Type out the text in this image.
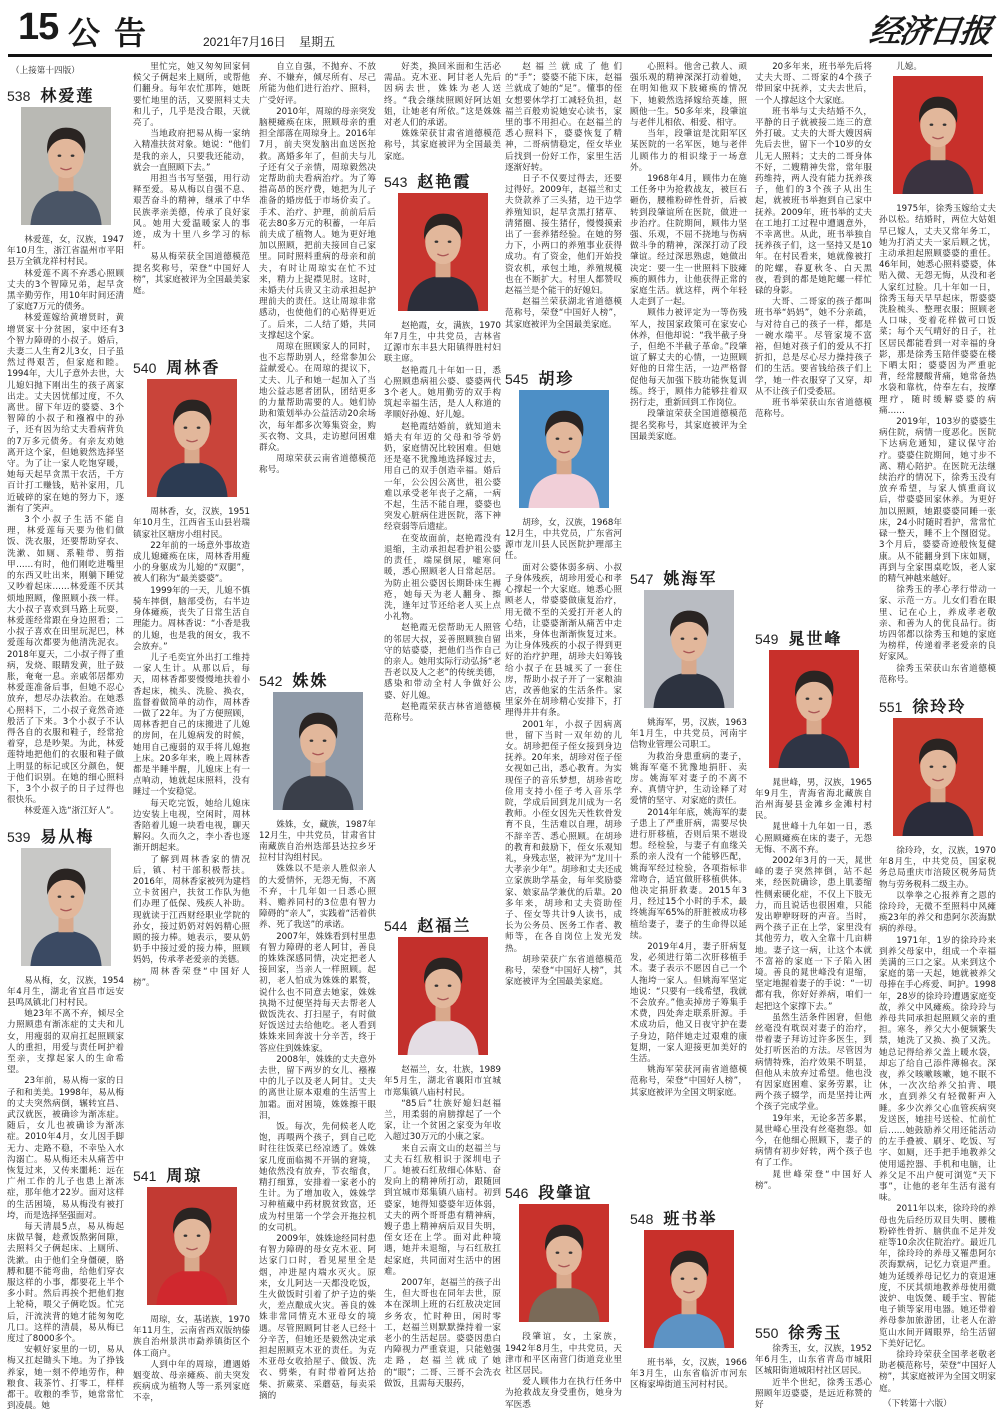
15 公告	2021年7月16日 星期五	经济日报

（上接第十四版）

538 林爱莲

林爱莲，女，汉族，1947年10月生，浙江省温州市平阳县万全镇龙祥村村民。

林爱莲不离不弃悉心照顾丈夫的3个智障兄弟，起早贪黑辛勤劳作，用10年时间还清了家庭7万元的债务。

林爱莲嫁给黄增贤时，黄增贤家十分贫困，家中还有3个智力障碍的小叔子。婚后，夫妻二人生育2儿3女，日子虽然过得艰苦，但家庭和睦。1994年，大儿子意外去世，大儿媳妇抛下刚出生的孩子离家出走。丈夫因忧郁过度，不久离世。留下年迈的婆婆、3个智障的小叔子和襁褓中的孙子，还有因为给丈夫看病背负的7万多元债务。有亲友劝她离开这个家，但她毅然选择坚守。为了让一家人吃饱穿暖，她每天起早贪黑干农活，千方百计打工赚钱，贴补家用，几近破碎的家在她的努力下，逐渐有了笑声。

3个小叔子生活不能自理，林爱莲每天要为他们做饭、洗衣服，还要帮助穿衣、洗漱、如厕、系鞋带、剪指甲……有时，他们刚吃进嘴里的东西又吐出来，刚躺下睡觉又吵着起床……林爱莲不厌其烦地照顾，像照顾小孩一样。大小叔子喜欢到马路上玩耍，林爱莲经常跟在身边照看；二小叔子喜欢在田里玩泥巴，林爱莲每次都要为他清洗泥衣。2018年夏天，二小叔子得了重病，发烧、眼睛发黄，肚子鼓胀，奄奄一息。亲戚邻居都劝林爱莲准备后事，但她不忍心放弃，想尽办法救治。在她悉心照料下，二小叔子竟然奇迹般活了下来。3个小叔子不认得各自的衣服和鞋子，经常抢着穿，总是吵架。为此，林爱莲特地把他们的衣服和鞋子做上明显的标记或区分颜色，便于他们识别。在她的细心照料下，3个小叔子的日子过得也很快乐。

林爱莲入选“浙江好人”。

539 易从梅

易从梅，女，汉族，1954年4月生，湖北省宜昌市远安县鸣凤镇北门村村民。

她23年不离不弃，倾尽全力照顾患有渐冻症的丈夫和儿女，用瘦弱的双肩扛起照顾家人的重担，用爱与责任呵护着至亲，支撑起家人的生命希望。

23年前，易从梅一家的日子和和美美。1998年，易从梅的丈夫突然病倒，辗转宜昌、武汉就医，被确诊为渐冻症。随后，女儿也被确诊为渐冻症。2010年4月，女儿因手脚无力、走路不稳，不幸坠入水沟溺亡。易从梅还未从痛苦中恢复过来，又传来噩耗：远在广州工作的儿子也患上渐冻症，那年他才22岁。面对这样的生活困境，易从梅没有被打垮，而是选择坚强面对。

每天清晨5点，易从梅起床做早餐，趁煮饭熬粥间隙，去照料父子俩起床、上厕所、洗漱。由于他们全身僵硬，胳膊和腿不能弯曲，给他们穿衣服这样的小事，都要花上半个多小时。然后再挨个把他们抱上轮椅，喂父子俩吃饭。忙完后，汗流浃背的她才能匆匆吃几口。这样的清晨，易从梅已度过了8000多个。

安顿好家里的一切，易从梅又扛起锄头下地。为了挣钱养家，她一刻不停地劳作，种粮食、栽茶竹、打零工，样样都干。收粮的季节，她常常忙到凌晨。她

里忙完，她又匆匆回家伺候父子俩起来上厕所，或帮他们翻身。每年农忙那阵，她既要忙地里的活，又要照料丈夫和儿子，几乎是没合眼，天就亮了。

当地政府把易从梅一家纳入精准扶贫对象。她说：“他们是我的亲人，只要我还能动，就会一直照顾下去。”

用担当书写坚强，用行动释至爱。易从梅以自强不息、艰苦奋斗的精神，继承了中华民族孝亲美德，传承了良好家风。她用大爱温暖家人的事迹，成为十里八乡学习的标杆。

易从梅荣获全国道德模范提名奖称号，荣登“中国好人榜”，其家庭被评为全国最美家庭。

540 周林香

周林香，女，汉族，1951年10月生，江西省玉山县岩瑞镇家社区塘房小组村民。

22年前的一场意外事故造成儿媳瘫痪在床，周林香用瘦小的身躯成为儿媳的“双腿”，被人们称为“最美婆婆”。

1999年的一天，儿媳不慎骑车摔倒，脑部受伤，右半边身体瘫痪，丧失了日常生活自理能力。周林香说：“小香是我的儿媳，也是我的闺女，我不会放弃。”

儿子毛奕宜外出打工维持一家人生计。从那以后，每天，周林香都要慢慢地扶着小香起床，梳头、洗脸、换衣，监督着做简单的动作，周林香一做了22年。为了方便照顾，周林香把自己的床搬进了儿媳的房间，在儿媳病发的时候，她用自己瘦弱的双手将儿媳抱上床。20多年来，晚上周林香都是半睡半醒，儿媳床上有一点响动，她就起床照料，没有睡过一个安稳觉。

每天吃完饭，她给儿媳床边安装上电视，空闲时，周林香陪着儿媳一块看电视，聊天解闷。久而久之，李小香也逐渐开朗起来。

了解到周林香家的情况后，镇、村干部积极帮扶。2016年，周林香家被列为建档立卡贫困户，扶贫工作队为他们办理了低保、残疾人补助。现就读于江西财经职业学院的孙女，接过奶奶对妈妈精心照顾的接力棒。她表示，要从奶奶手中接过爱的接力棒，照顾妈妈，传承孝老爱亲的美德。

周林香荣登“中国好人榜”。

541 周琼

周琼，女，基诺族，1970年11月生，云南省西双版纳傣族自治州景洪市勐养镇街区个体工商户。

人到中年的周琼，遭遇婚姻变故、母亲瘫痪、前夫突发疾病成为植物人等一系列家庭不幸，

自立自强，不抛弃、不放弃、不嫌弃，倾尽所有、尽己所能为他们进行治疗、照料，广受好评。

2010年，周琼的母亲突发脑梗瘫痪在床，照顾母亲的重担全部落在周琼身上。2016年7月，前夫突发脑出血送医抢救。离婚多年了，但前夫与儿子还有父子亲情，周琼毅然决定帮助前夫看病治疗。为了筹措高昂的医疗费，她把为儿子准备的婚房低于市场价卖了。手术、治疗、护理，前前后后花去80多万元的积蓄，一年后前夫成了植物人。她为更好地加以照顾，把前夫接回自己家里。同时照料重病的母亲和前夫，有时让周琼实在忙不过来，精力上捉襟见肘。这时，未婚夫付兵贵又主动承担起护理前夫的责任。这让周琼非常感动，也使他们的心贴得更近了。后来，二人结了婚，共同支撑起这个家。

周琼在照顾家人的同时，也不忘帮助别人，经常参加公益献爱心。在周琼的提议下，丈夫、儿子和她一起加入了当地公益志愿者团队，团结更多的力量帮助需要的人。她们协助和策划举办公益活动20余场次，每年都多次筹集资金，购买衣物、文具，走访慰问困难群众。

周琼荣获云南省道德模范称号。

542 姝姝

姝姝，女，藏族，1987年12月生，中共党员，甘肃省甘南藏族自治州迭部县达拉乡牙拉村甘沟组村民。

姝姝以不是亲人胜似亲人的大爱情怀，无怨无悔，不离不弃，十几年如一日悉心照料、赡养同村的3位患有智力障碍的“亲人”，实践着“活着供养、死了我送”的承诺。

2007年，姝姝看到村里患有智力障碍的老人阿甘，善良的姝姝深感同情，决定把老人接回家，当亲人一样照顾。起初，老人怕成为姝姝的累赘，说什么也不同意去她家，姝姝执拗不过便坚持每天去帮老人做饭洗衣、打扫屋子，有时做好饭送过去给他吃。老人看到姝姝来回奔波十分辛苦，终于答应住到姝姝家。

2008年，姝姝的丈夫意外去世，留下两岁的女儿、襁褓中的儿子以及老人阿甘。丈夫的离世让原本艰难的生活雪上加霜。面对困境，姝姝擦干眼泪，

饭。每次，先伺候老人吃饱，再喂两个孩子，到自己吃时往往饭菜已经凉透了。姝姝家几度面临揭不开锅的窘境，她依然没有放弃，节衣缩食，精打细算，安排着一家老小的生计。为了增加收入，姝姝学习种植藏中药材脱贫致富，还成为村里第一个学会开拖拉机的女司机。

2009年，姝姝途经同村患有智力障碍的母女克木亚、阿达家门口时，看见屋里全是烟，冲进屋内端水灭火。原来，女儿阿达一天都没吃饭，生火做饭时引着了炉子边的柴火，差点酿成火灾。善良的姝姝非常同情克木亚母女的境遇。尽管照顾阿甘老人已经十分辛苦，但她还是毅然决定承担起照顾克木亚的责任。为克木亚母女收拾屋子、做饭、洗衣、劈柴，有时带着阿达拾柴、折蕨菜、采蘑菇，每卖采摘的

好类，换回米面和生活必需品。克木亚、阿甘老人先后因病去世，姝姝为老人送终。“我会继续照顾好阿达姐姐，让她老有所依。”这是姝姝对老人们的承诺。

姝姝荣获甘肃省道德模范称号，其家庭被评为全国最美家庭。

543 赵艳霞

赵艳霞，女，满族，1970年7月生，中共党员，吉林省辽源市东丰县大阳镇得胜村妇联主席。

赵艳霞几十年如一日，悉心照顾患病祖公婆、婆婆两代3个老人。她用勤劳的双手构筑起幸福生活，是人人称道的孝顺好孙媳、好儿媳。

赵艳霞结婚前，就知道未婚夫有年迈的父母和爷爷奶奶，家庭情况比较困难。但她还是毫不犹豫地选择嫁过去，用自己的双手创造幸福。婚后一年，公公因公离世，祖公婆难以承受老年丧子之痛，一病不起，生活不能自理，婆婆也突发心脏病住进医院，落下神经衰弱等后遗症。

在变故面前，赵艳霞没有退缩，主动承担起看护祖公婆的责任，端屎倒尿，嘘寒问暖，悉心照顾老人日常起居。为防止祖公婆因长期卧床生褥疮，她每天为老人翻身、擦洗，逢年过节还给老人买上点小礼物。

赵艳霞无偿帮助无人照管的邻居大叔，妥善照顾独自留守的姑婆婆，把他们当作自己的亲人。她用实际行动弘扬“老吾老以及人之老”的传统美德，感染和带动全村人争做好公婆、好儿媳。

赵艳霞荣获吉林省道德模范称号。

544 赵福兰

赵福兰，女，壮族，1989年5月生，湖北省襄阳市宜城市郑集镇八庙村村民。

“85后”壮族好媳妇赵福兰，用柔弱的肩膀撑起了一个家，让一个贫困之家变为年收入超过30万元的小康之家。

来自云南文山的赵福兰与丈夫石红敖相识于深圳电子厂。她被石红敖细心体贴、奋发向上的精神所打动，跟随回到宜城市郑集镇八庙村。初到婆家，她得知婆婆年迈体弱，丈夫的两个哥哥患有精神病，嫂子患上精神病后双目失明，侄女还在上学。面对此种境遇，她并未退缩，与石红敖扛起家庭，共同面对生活中的困难。

2007年，赵福兰的孩子出生，但大哥也在同年去世，原本在深圳上班的石红敖决定回乡务农，忙时种田，闲时零工，赵福兰则默默操持着一家老小的生活起居。婆婆因患白内障视力严重衰退，只能勉强走路，赵福兰就成了她的“眼”；二哥、三哥不会洗衣做饭，且需每天服药，

赵福兰就成了他们的“手”；婆婆不能下床，赵福兰就成了她的“足”。懂事的侄女想要休学打工减轻负担，赵福兰百般劝说她安心读书，家里的事不用担心。在赵福兰的悉心照料下，婆婆恢复了精神，二哥病情稳定，侄女毕业后找到一份好工作，家里生活逐渐好转。

日子不仅要过得去，还要过得好。2009年，赵福兰和丈夫贷款养了三头猪，边干边学养殖知识，起早贪黑打猪草、清猪圈、接生猪仔，慢慢摸索出了一套养猪经验。在她的努力下，小两口的养殖事业获得成功。有了资金，他们开始投资农机，承包土地，养殖规模也在不断扩大。村里人都赞叹赵福兰是个能干的好媳妇。

赵福兰荣获湖北省道德模范称号，荣登“中国好人榜”，其家庭被评为全国最美家庭。

545 胡珍

胡珍，女，汉族，1968年12月生，中共党员，广东省河源市龙川县人民医院护理部主任。

面对公婆体弱多病、小叔子身体残疾，胡珍用爱心和孝心撑起一个大家庭。她悉心照顾老人，带婆婆做康复治疗，用无微不至的关爱打开老人的心结，让婆婆渐渐从痛苦中走出来，身体也渐渐恢复过来。为让身体残疾的小叔子得到更好的治疗护理，胡珍夫妇筹钱给小叔子在县城买了一套住房，帮助小叔子开了一家粮油店，改善他家的生活条件。家里家外在胡珍精心安排下，打理得井井有条。

2001年，小叔子因病离世，留下当时一双年幼的儿女。胡珍把侄子侄女接到身边抚养。20年来，胡珍对侄子侄女视如己出，悉心教育。为实现侄子的音乐梦想，胡珍省吃俭用支持小侄子考入音乐学院，学成后回到龙川成为一名教师。小侄女因先天性软骨发育不良，生活难以自理，胡珍不辞辛苦、悉心照顾。在胡珍的教育和鼓励下，侄女乐观知礼，身残志坚，被评为“龙川十大孝亲少年”。胡珍和丈夫还成立家族助学基金，每年奖励婆家、娘家品学兼优的后辈。20多年来，胡珍和丈夫资助侄子、侄女等共计9人读书，成长为公务员、医务工作者、教师等，在各自岗位上发光发热。

胡珍荣获广东省道德模范称号，荣登“中国好人榜”，其家庭被评为全国最美家庭。

546 段肇谊

段肇谊，女，土家族，1942年8月生，中共党员，天津市和平区南营门街道竞业里社区居民。

爱人顾伟力在执行任务中为抢救战友身受重伤，她身为军医悉

心照料。他舍己救人、顽强乐观的精神深深打动着她，在明知他双下肢瘫痪的情况下，她毅然选择嫁给英雄，照顾他一生。50多年来，段肇谊与老伴儿相依、相爱、相守。

当年，段肇谊是沈阳军区某医院的一名军医，她与老伴儿顾伟力的相识缘于一场意外。

1968年4月，顾伟力在施工任务中为抢救战友，被巨石砸伤，腰椎粉碎性骨折，后被转到段肇谊所在医院，做进一步治疗。住院期间，顾伟力坚强、乐观，不屈不挠地与伤病做斗争的精神，深深打动了段肇谊。经过深思熟虑，她做出决定：要一生一世照料下肢瘫痪的顾伟力，让他获得正常的家庭生活。就这样，两个年轻人走到了一起。

顾伟力被评定为一等伤残军人，按国家政策可在家安心休养，但他却说：“我半截子身子，但绝不半截子革命。”段肇谊了解丈夫的心情，一边照顾好他的日常生活，一边严格督促他每天加强下肢功能恢复训练。终于，顾伟力能够拄着双拐行走，重新回到工作岗位。

段肇谊荣获全国道德模范提名奖称号，其家庭被评为全国最美家庭。

547 姚海军

姚海军，男，汉族，1963年1月生，中共党员，河南宇信物业管理公司职工。

为救治身患重病的妻子，姚海军毫不犹豫地捐肝、卖房。姚海军对妻子的不离不弃、真情守护，生动诠释了对爱情的坚守、对家庭的责任。

2014年年底，姚海军的妻子患上了严重肝病，需要尽快进行肝移植，否则后果不堪设想。经检验，与妻子有血缘关系的亲人没有一个能够匹配，姚海军经过检验，各项指标非常吻合，适宜做肝移植供体。他决定捐肝救妻。2015年3月，经过15个小时的手术，最终姚海军65%的肝脏被成功移植给妻子，妻子的生命得以延续。

2019年4月，妻子肝病复发，必须进行第二次肝移植手术。妻子表示不愿因自己一个人拖垮一家人。但姚海军坚定地说：“只要有一线希望，我就不会放弃。”他卖掉房子筹集手术费，四处奔走联系肝源。手术成功后，他又日夜守护在妻子身边，陪伴她走过艰难的康复期，一家人迎接更加美好的生活。

姚海军荣获河南省道德模范称号，荣登“中国好人榜”，其家庭被评为全国文明家庭。

548 班书举

班书举，女，汉族，1966年3月生，山东省临沂市河东区梅家埠街道玉河村村民。

20多年来，班书举先后将丈夫大哥、二哥家的4个孩子带回家中抚养，丈夫去世后，一个人撑起这个大家庭。

班书举与丈夫结婚不久，平静的日子就被接二连三的意外打破。丈夫的大哥大嫂因病先后去世，留下一个10岁的女儿无人照料；丈夫的二哥身体不好，二嫂精神失常，常年服药维持，两人没有能力抚养孩子，他们的3个孩子从出生起，就被班书举抱到自己家中抚养。2009年，班书举的丈夫在工地打工过程中遭遇意外，不幸离世。从此，班书举独自抚养孩子们，这一坚持又是10年。在村民看来，她就像被打的陀螺，春夏秋冬、白天黑夜，看到的都是她陀螺一样忙碌的身影。

大哥、二哥家的孩子都叫班书举“妈妈”，她不分亲疏，与对待自己的孩子一样，都是一碗水端平。尽管家境不富裕，但她对孩子们的爱从不打折扣，总是尽心尽力操持孩子们的生活。要省钱给孩子们上学，她一件衣服穿了又穿，却从不让孩子们受委屈。

班书举荣获山东省道德模范称号。

549 晁世峰

晁世峰，男，汉族，1965年9月生，青海省海北藏族自治州海晏县金滩乡金滩村村民。

晁世峰十九年如一日，悉心照顾瘫痪在床的妻子，无怨无悔、不离不弃。

2002年3月的一天，晁世峰的妻子突然摔倒，站不起来，经医院确诊，患上肌萎缩性侧索硬化症，不仅上下肢无力，而且说话也很困难，只能发出咿咿呀呀的声音。当时，两个孩子正在上学，家里没有其他劳力，收入全靠十几亩耕地。妻子这一病，让这个本就不富裕的家庭一下子陷入困境。善良的晁世峰没有退缩，坚定地握着妻子的手说：“一切都有我，你好好养病，咱们一起把这个家撑下去。”

虽然生活条件困窘，但他丝毫没有耽误对妻子的治疗，带着妻子拜访过许多医生，到处打听医治的方法。尽管因为病情特殊，治疗效果不明显，但他从未放弃过希望。他也没有因家庭困难、家务劳累，让两个孩子辍学，而是坚持让两个孩子完成学业。

19年来，无论多苦多累，晁世峰心里没有丝毫抱怨。如今，在他细心照顾下，妻子的病情有初步好转，两个孩子也有了工作。

晁世峰荣登“中国好人榜”。

550 徐秀玉

徐秀玉，女，汉族，1952年6月生，山东省青岛市城阳区城阳街道城阳村社区居民。

近半个世纪，徐秀玉悉心照顾年迈婆婆，是远近称赞的好

儿媳。

1975年，徐秀玉嫁给丈夫孙以松。结婚时，两位大姑姐早已嫁人，丈夫又常年务工，她为打消丈夫一家后顾之忧，主动承担起照顾婆婆的重任。46年间，她悉心照料婆婆，体贴入微、无怨无悔，从没和老人家红过脸。几十年如一日，徐秀玉每天早早起床，帮婆婆洗脸梳头、整理衣服；照顾老人口味，变着花样做可口饭菜；每个天气晴好的日子，社区居民都能看到一对幸福的身影，那是徐秀玉陪伴婆婆在楼下晒太阳；婆婆因为严重驼背，经常腰酸背痛，她常备热水袋和靠枕，侍奉左右，按摩理疗，随时缓解婆婆的病痛……

2019年，103岁的婆婆生病住院，病情一度恶化。医院下达病危通知，建议保守治疗。婆婆住院期间，她寸步不离、精心陪护。在医院无法继续治疗的情况下，徐秀玉没有放弃希望，与家人慎重商议后，带婆婆回家休养。为更好加以照顾，她跟婆婆同睡一张床，24小时随时看护，常常忙碌一整天，睡不上个囫囵觉。3个月后，婆婆奇迹般恢复健康。从不能翻身到下床如厕，再到与全家围桌吃饭，老人家的精气神越来越好。

徐秀玉的孝心孝行带动一家、示范一方。儿女们看在眼里、记在心上，养成孝老敬亲、和善为人的优良品行。街坊四邻都以徐秀玉和她的家庭为榜样，传递着孝老爱亲的良好家风。

徐秀玉荣获山东省道德模范称号。

551 徐玲玲

徐玲玲，女，汉族，1970年8月生，中共党员，国家税务总局重庆市涪陵区税务局货物与劳务税科二级主办。

以拳拳之心报养育之恩的徐玲玲，无微不至照料中风瘫痪23年的养父和患阿尔茨海默病的养母。

1971年，1岁的徐玲玲来到养父母家中，组成一个幸福美满的三口之家。从来到这个家庭的第一天起，她就被养父母捧在手心疼爱、呵护。1998年，28岁的徐玲玲遭遇家庭变故，养父中风瘫痪。徐玲玲与养母共同承担起照顾父亲的重担。寒冬，养父大小便频繁失禁，她洗了又换、换了又洗。她总记得给养父盖上暖水袋，却忘了给自己添件薄棉衣。深夜，养父咳嗽咳嗽，她不眠不休，一次次给养父拍背、喂水，直到养父有轻微鼾声入睡。多少次养父心血管疾病突发送医，她挂号送检、忙前忙后……她鼓励养父用还能活动的左手叠被、刷牙、吃饭、写字、如厕，还手把手地教养父使用遥控器、手机和电脑，让养父足不出户便可浏览“天下事”，让他的老年生活有滋有味。

2011年以来，徐玲玲的养母也先后经历双目失明、腰椎粉碎性骨折、脑供血不足并发症等10余次住院治疗。最近几年，徐玲玲的养母又罹患阿尔茨海默病，记忆力衰退严重。她为延缓养母记忆力的衰退速度，不厌其烦地教养母使用微波炉、电饭煲、暖手宝、智能电子锁等家用电器。她还带着养母参加旅游团，让老人在游览山水间开阔眼界，给生活留下美好记忆。

徐玲玲荣获全国孝老敬老助老模范称号，荣登“中国好人榜”，其家庭被评为全国文明家庭。

（下转第十六版）
